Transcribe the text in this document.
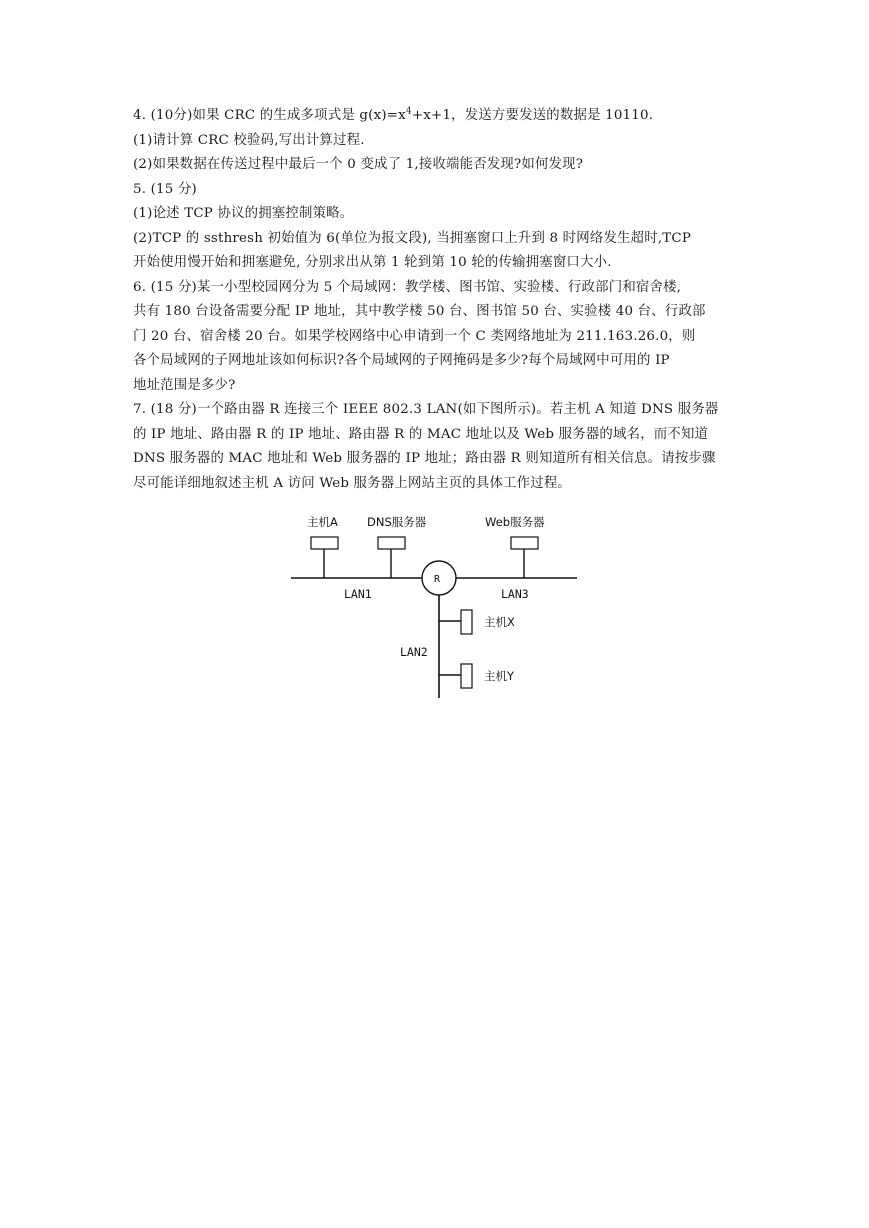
4. (10分)如果 CRC 的生成多项式是 $g(x)=x^4+x+1$，发送方要发送的数据是 10110.
(1)请计算 CRC 校验码,写出计算过程.
(2)如果数据在传送过程中最后一个 0 变成了 1,接收端能否发现?如何发现?
5. (15 分)
(1)论述 TCP 协议的拥塞控制策略。
(2)TCP 的 ssthresh 初始值为 6(单位为报文段), 当拥塞窗口上升到 8 时网络发生超时,TCP
开始使用慢开始和拥塞避免, 分别求出从第 1 轮到第 10 轮的传输拥塞窗口大小.
6. (15 分)某一小型校园网分为 5 个局域网：教学楼、图书馆、实验楼、行政部门和宿舍楼,
共有 180 台设备需要分配 IP 地址，其中教学楼 50 台、图书馆 50 台、实验楼 40 台、行政部
门 20 台、宿舍楼 20 台。如果学校网络中心申请到一个 C 类网络地址为 211.163.26.0，则
各个局域网的子网地址该如何标识?各个局域网的子网掩码是多少?每个局域网中可用的 IP
地址范围是多少?
7. (18 分)一个路由器 R 连接三个 IEEE 802.3 LAN(如下图所示)。若主机 A 知道 DNS 服务器
的 IP 地址、路由器 R 的 IP 地址、路由器 R 的 MAC 地址以及 Web 服务器的域名，而不知道
DNS 服务器的 MAC 地址和 Web 服务器的 IP 地址；路由器 R 则知道所有相关信息。请按步骤
尽可能详细地叙述主机 A 访问 Web 服务器上网站主页的具体工作过程。
主机A	DNS服务器	Web服务器
R
LAN1	LAN3
LAN2
主机X
主机Y
